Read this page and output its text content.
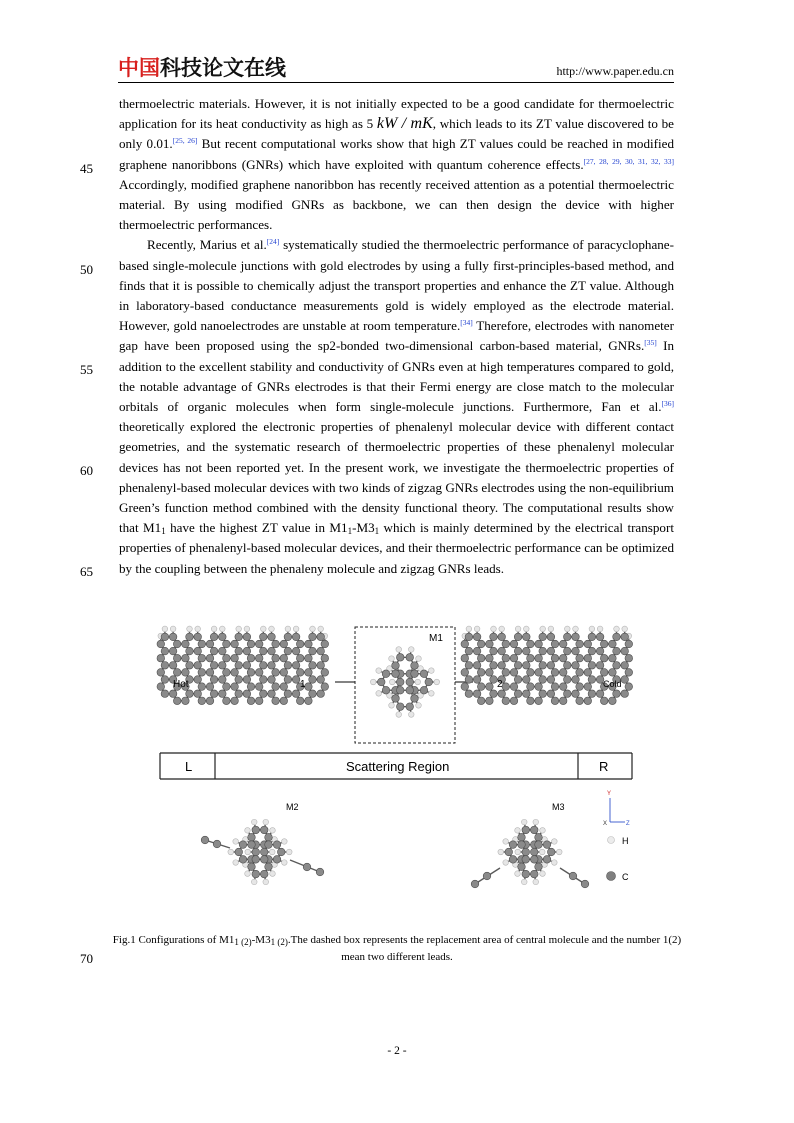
中国科技论文在线	http://www.paper.edu.cn
45
50
55
60
65
70

thermoelectric materials. However, it is not initially expected to be a good candidate for thermoelectric application for its heat conductivity as high as 5 kW / mK, which leads to its ZT value discovered to be only 0.01.[25, 26] But recent computational works show that high ZT values could be reached in modified graphene nanoribbons (GNRs) which have exploited with quantum coherence effects.[27, 28, 29, 30, 31, 32, 33] Accordingly, modified graphene nanoribbon has recently received attention as a potential thermoelectric material. By using modified GNRs as backbone, we can then design the device with higher thermoelectric performances.

Recently, Marius et al.[24] systematically studied the thermoelectric performance of paracyclophane-based single-molecule junctions with gold electrodes by using a fully first-principles-based method, and finds that it is possible to chemically adjust the transport properties and enhance the ZT value. Although in laboratory-based conductance measurements gold is widely employed as the electrode material. However, gold nanoelectrodes are unstable at room temperature.[34] Therefore, electrodes with nanometer gap have been proposed using the sp2-bonded two-dimensional carbon-based material, GNRs.[35] In addition to the excellent stability and conductivity of GNRs even at high temperatures compared to gold, the notable advantage of GNRs electrodes is that their Fermi energy are close match to the molecular orbitals of organic molecules when form single-molecule junctions. Furthermore, Fan et al.[36] theoretically explored the electronic properties of phenalenyl molecular device with different contact geometries, and the systematic research of thermoelectric properties of these phenalenyl molecular devices has not been reported yet. In the present work, we investigate the thermoelectric properties of phenalenyl-based molecular devices with two kinds of zigzag GNRs electrodes using the non-equilibrium Green’s function method combined with the density functional theory. The computational results show that $M1_1$ have the highest ZT value in $M1_1-M3_1$ which is mainly determined by the electrical transport properties of phenalenyl-based molecular devices, and their thermoelectric performance can be optimized by the coupling between the phenaleny molecule and zigzag GNRs leads.

Hot	1
M1
2	Cold
L	Scattering Region	R
M2	M3
Y
X	Z
H
C
Fig.1 Configurations of $M1_{1 (2)}-M3_{1 (2)}.The$ dashed box represents the replacement area of central molecule and the number 1(2) mean two different leads.
- 2 -
